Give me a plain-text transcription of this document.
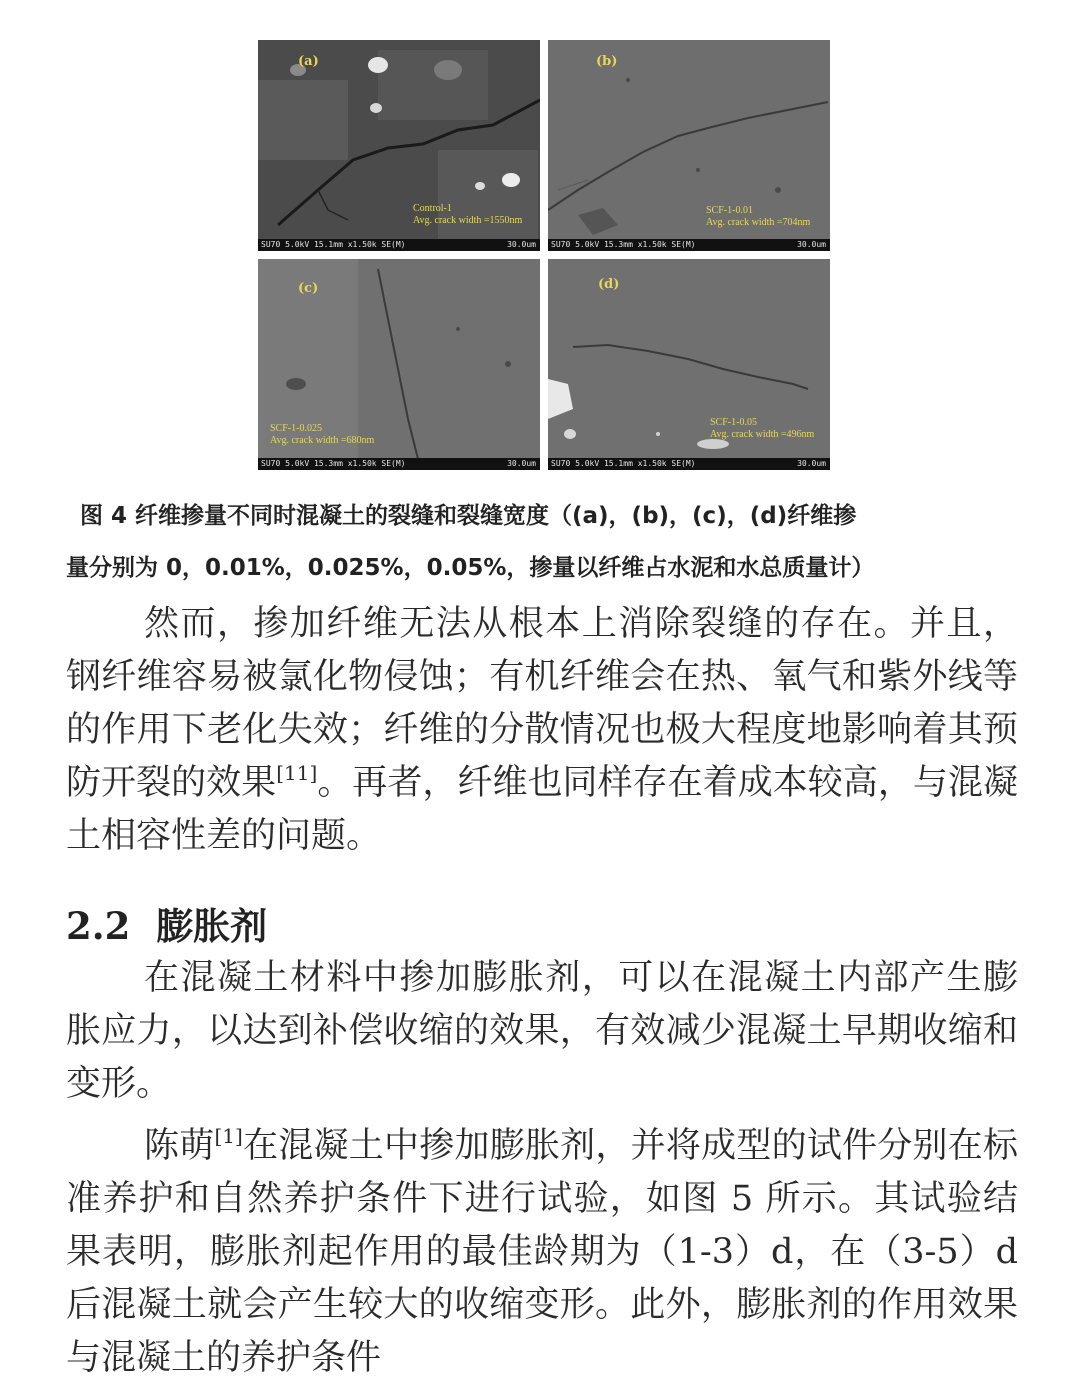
(a)
Control-1
Avg. crack width =1550nm
SU70 5.0kV 15.1mm x1.50k SE(M)	30.0um
(b)
SCF-1-0.01
Avg. crack width =704nm
SU70 5.0kV 15.3mm x1.50k SE(M)	30.0um
(c)
SCF-1-0.025
Avg. crack width =680nm
SU70 5.0kV 15.3mm x1.50k SE(M)	30.0um
(d)
SCF-1-0.05
Avg. crack width =496nm
SU70 5.0kV 15.1mm x1.50k SE(M)	30.0um
图 4 纤维掺量不同时混凝土的裂缝和裂缝宽度（(a)，(b)，(c)，(d)纤维掺
量分别为 0，0.01%，0.025%，0.05%，掺量以纤维占水泥和水总质量计）

然而，掺加纤维无法从根本上消除裂缝的存在。并且，钢纤维容易被氯化物侵蚀；有机纤维会在热、氧气和紫外线等的作用下老化失效；纤维的分散情况也极大程度地影响着其预防开裂的效果[11]。再者，纤维也同样存在着成本较高，与混凝土相容性差的问题。

2.2 膨胀剂

在混凝土材料中掺加膨胀剂，可以在混凝土内部产生膨胀应力，以达到补偿收缩的效果，有效减少混凝土早期收缩和变形。

陈萌[1]在混凝土中掺加膨胀剂，并将成型的试件分别在标准养护和自然养护条件下进行试验，如图 5 所示。其试验结果表明，膨胀剂起作用的最佳龄期为（1-3）d，在（3-5）d 后混凝土就会产生较大的收缩变形。此外，膨胀剂的作用效果与混凝土的养护条件
